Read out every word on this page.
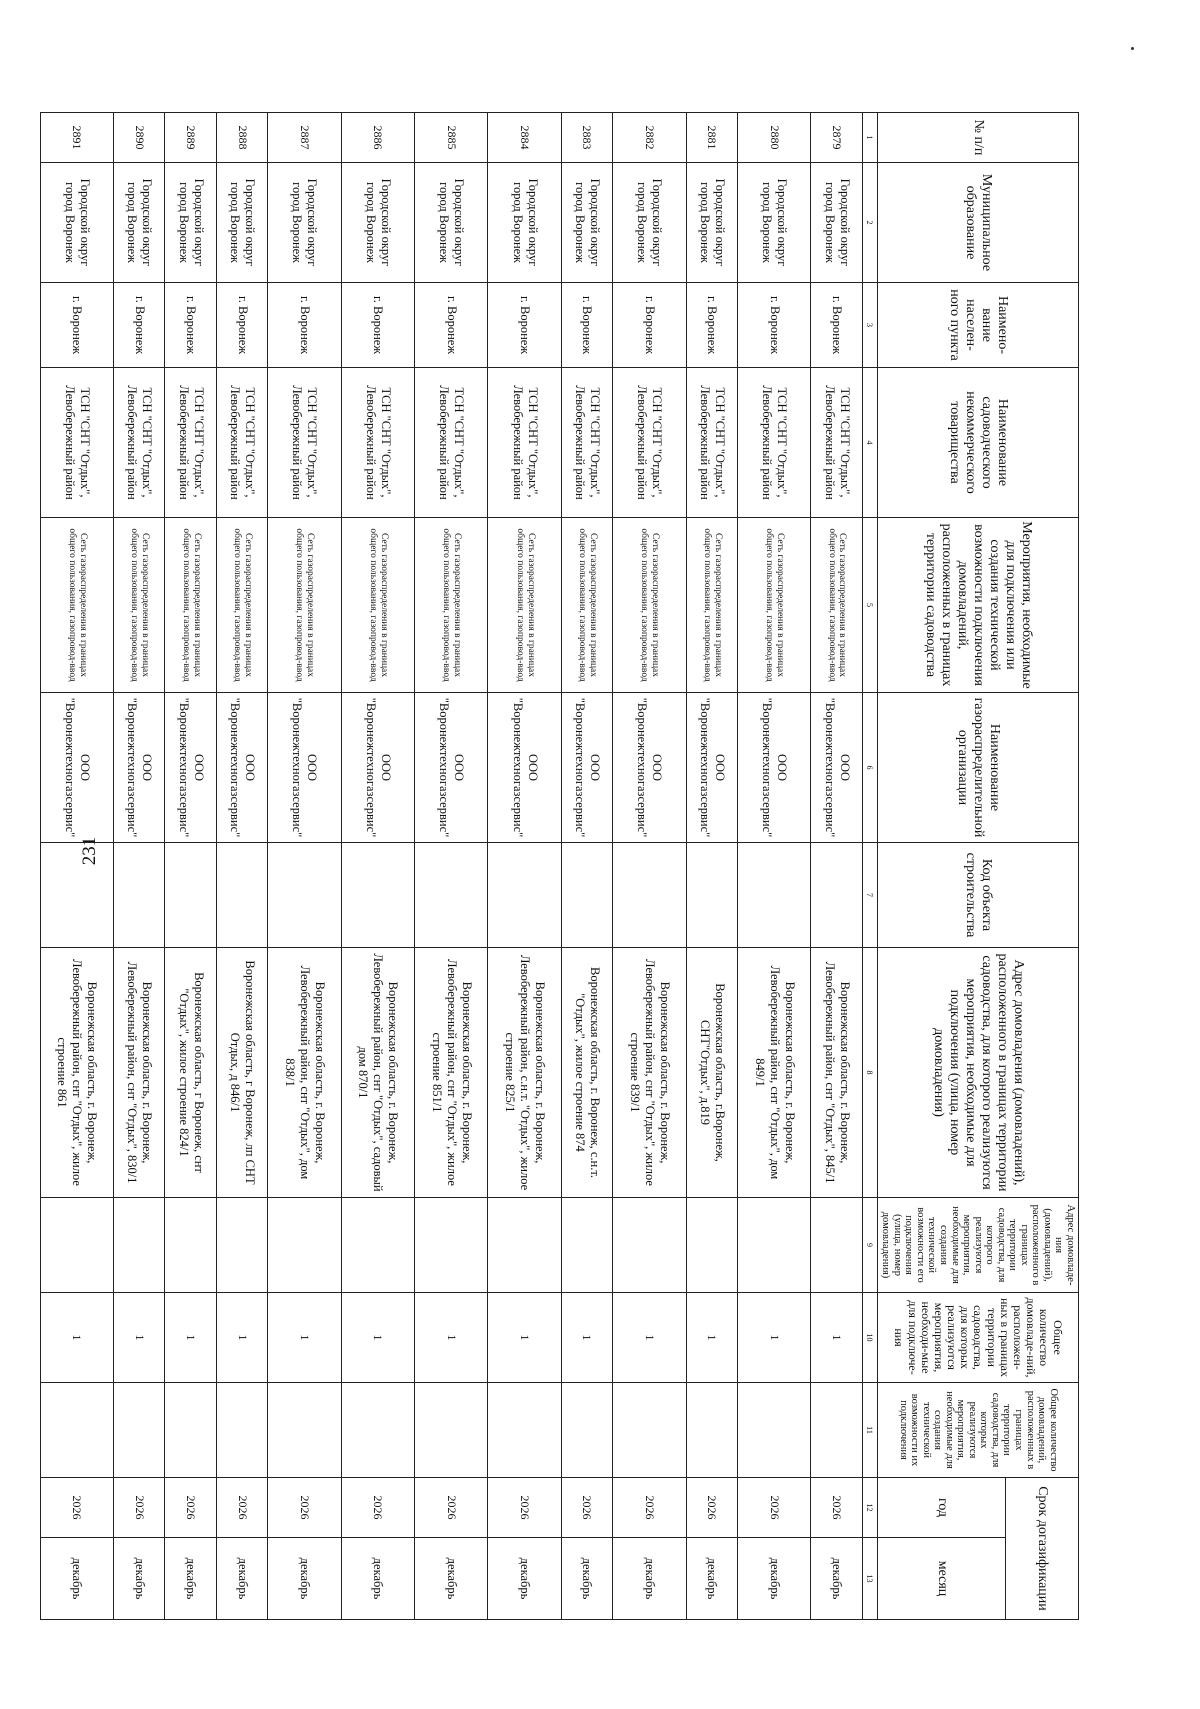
231
№ п/п	Муниципальное образование	Наимено-вание населен-ного пункта	Наименование садоводческого некоммерческого товарищества	Мероприятия, необходимые для подключения или создания технической возможности подключения домовладений, расположенных в границах территории садоводства	Наименование газораспределительной организации	Код объекта строительства	Адрес домовладения (домовладений), расположенного в границах территории садоводства, для которого реализуются мероприятия, необходимые для подключения (улица, номер домовладения)	Адрес домовладе-ния (домовладений), расположенного в границах территории садоводства, для которого реализуются мероприятия, необходимые для создания технической возможности его подключения (улица, номер домовладения)	Общее количество домовладе-ний, расположен-ных в границах территории садоводства, для которых реализуются мероприятия, необходи-мые для подключе-ния	Общее количество домовладений, расположенных в границах территории садоводства, для которых реализуются мероприятия, необходимые для создания технической возможности их подключения	Срок догазификации	
											год	месяц
1	2	3	4	5	6	7	8	9	10	11	12	13
2879	Городской округ город Воронеж	г. Воронеж	ТСН "СНТ "Отдых", Левобережный район	Сеть газораспределения в границах общего пользования, газопровод-ввод	ООО "Воронежтехногазсервис"		Воронежская область, г. Воронеж, Левобережный район, снт "Отдых", 845/1		1		2026	декабрь
2880	Городской округ город Воронеж	г. Воронеж	ТСН "СНТ "Отдых", Левобережный район	Сеть газораспределения в границах общего пользования, газопровод-ввод	ООО "Воронежтехногазсервис"		Воронежская область, г. Воронеж, Левобережный район, снт "Отдых", дом 849/1		1		2026	декабрь
2881	Городской округ город Воронеж	г. Воронеж	ТСН "СНТ "Отдых", Левобережный район	Сеть газораспределения в границах общего пользования, газопровод-ввод	ООО "Воронежтехногазсервис"		Воронежская область, г.Воронеж, СНТ"Отдых", д.819		1		2026	декабрь
2882	Городской округ город Воронеж	г. Воронеж	ТСН "СНТ "Отдых", Левобережный район	Сеть газораспределения в границах общего пользования, газопровод-ввод	ООО "Воронежтехногазсервис"		Воронежская область, г. Воронеж, Левобережный район, снт "Отдых", жилое строение 839/1		1		2026	декабрь
2883	Городской округ город Воронеж	г. Воронеж	ТСН "СНТ "Отдых", Левобережный район	Сеть газораспределения в границах общего пользования, газопровод-ввод	ООО "Воронежтехногазсервис"		Воронежская область, г. Воронеж, с.н.т. "Отдых", жилое строение 874		1		2026	декабрь
2884	Городской округ город Воронеж	г. Воронеж	ТСН "СНТ "Отдых", Левобережный район	Сеть газораспределения в границах общего пользования, газопровод-ввод	ООО "Воронежтехногазсервис"		Воронежская область, г. Воронеж, Левобережный район, с.н.т. "Отдых", жилое строение 825/1		1		2026	декабрь
2885	Городской округ город Воронеж	г. Воронеж	ТСН "СНТ "Отдых", Левобережный район	Сеть газораспределения в границах общего пользования, газопровод-ввод	ООО "Воронежтехногазсервис"		Воронежская область, г. Воронеж, Левобережный район, снт "Отдых", жилое строение 851/1		1		2026	декабрь
2886	Городской округ город Воронеж	г. Воронеж	ТСН "СНТ "Отдых", Левобережный район	Сеть газораспределения в границах общего пользования, газопровод-ввод	ООО "Воронежтехногазсервис"		Воронежская область, г. Воронеж, Левобережный район, снт "Отдых", садовый дом 870/1		1		2026	декабрь
2887	Городской округ город Воронеж	г. Воронеж	ТСН "СНТ "Отдых", Левобережный район	Сеть газораспределения в границах общего пользования, газопровод-ввод	ООО "Воронежтехногазсервис"		Воронежская область, г. Воронеж, Левобережный район, снт "Отдых", дом 838/1		1		2026	декабрь
2888	Городской округ город Воронеж	г. Воронеж	ТСН "СНТ "Отдых", Левобережный район	Сеть газораспределения в границах общего пользования, газопровод-ввод	ООО "Воронежтехногазсервис"		Воронежская область, г Воронеж, лп СНТ Отдых, д 846/1		1		2026	декабрь
2889	Городской округ город Воронеж	г. Воронеж	ТСН "СНТ "Отдых", Левобережный район	Сеть газораспределения в границах общего пользования, газопровод-ввод	ООО "Воронежтехногазсервис"		Воронежская область, г Воронеж, снт "Отдых", жилое строение 824/1		1		2026	декабрь
2890	Городской округ город Воронеж	г. Воронеж	ТСН "СНТ "Отдых", Левобережный район	Сеть газораспределения в границах общего пользования, газопровод-ввод	ООО "Воронежтехногазсервис"		Воронежская область, г. Воронеж, Левобережный район, снт "Отдых", 830/1		1		2026	декабрь
2891	Городской округ город Воронеж	г. Воронеж	ТСН "СНТ "Отдых", Левобережный район	Сеть газораспределения в границах общего пользования, газопровод-ввод	ООО "Воронежтехногазсервис"		Воронежская область, г. Воронеж, Левобережный район, снт "Отдых", жилое строение 861		1		2026	декабрь
